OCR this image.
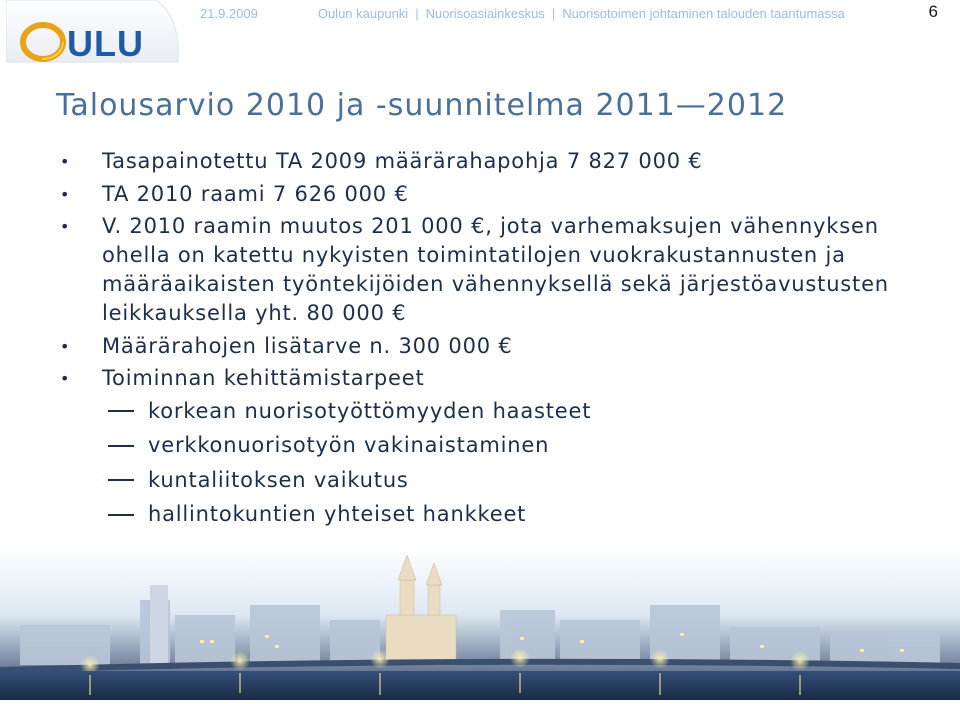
21.9.2009	Oulun kaupunki | Nuorisoasiainkeskus | Nuorisotoimen johtaminen talouden taantumassa	6
ULU
Talousarvio 2010 ja -suunnitelma 2011—2012
•	Tasapainotettu TA 2009 määrärahapohja 7 827 000 €
•	TA 2010 raami 7 626 000 €
•	V. 2010 raamin muutos 201 000 €, jota varhemaksujen vähennyksen ohella on katettu nykyisten toimintatilojen vuokrakustannusten ja määräaikaisten työntekijöiden vähennyksellä sekä järjestöavustusten leikkauksella yht. 80 000 €
•	Määrärahojen lisätarve n. 300 000 €
•	Toiminnan kehittämistarpeet
korkean nuorisotyöttömyyden haasteet
verkkonuorisotyön vakinaistaminen
kuntaliitoksen vaikutus
hallintokuntien yhteiset hankkeet
